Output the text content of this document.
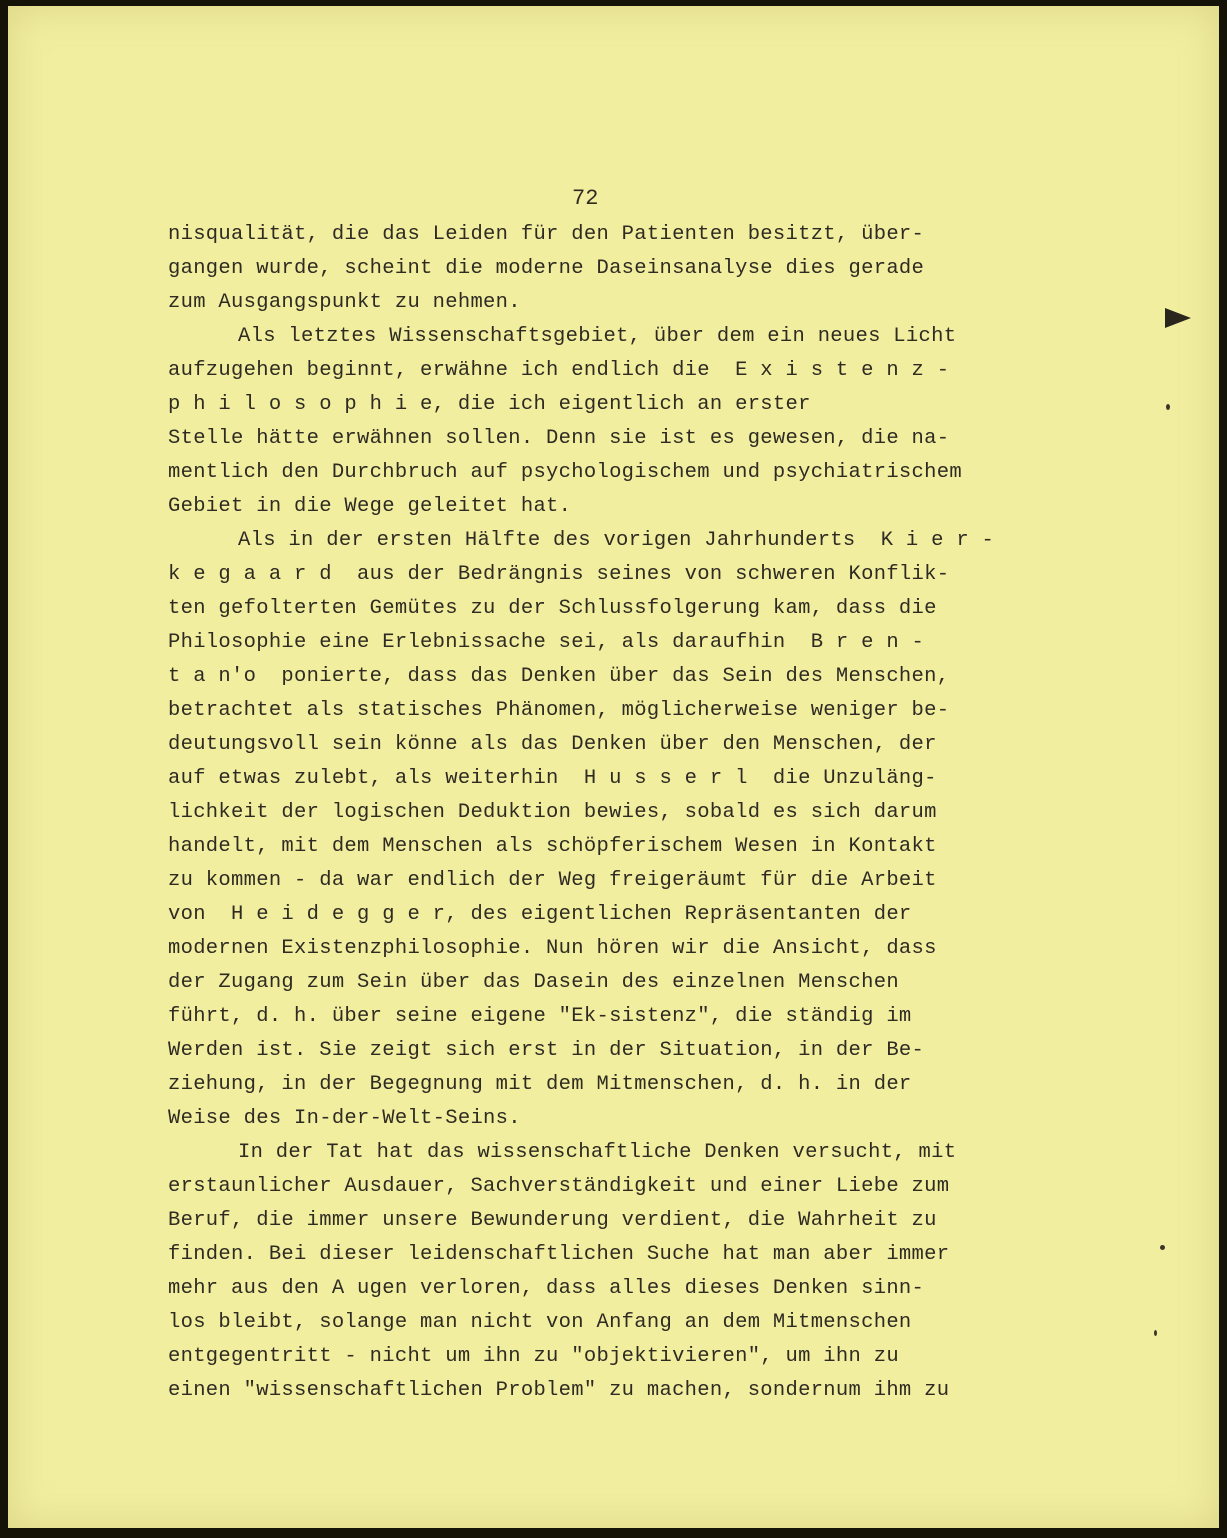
72
nisqualität, die das Leiden für den Patienten besitzt, über-
gangen wurde, scheint die moderne Daseinsanalyse dies gerade
zum Ausgangspunkt zu nehmen.
Als letztes Wissenschaftsgebiet, über dem ein neues Licht
aufzugehen beginnt, erwähne ich endlich die  E x i s t e n z -
p h i l o s o p h i e, die ich eigentlich an erster
Stelle hätte erwähnen sollen. Denn sie ist es gewesen, die na-
mentlich den Durchbruch auf psychologischem und psychiatrischem
Gebiet in die Wege geleitet hat.
Als in der ersten Hälfte des vorigen Jahrhunderts  K i e r -
k e g a a r d  aus der Bedrängnis seines von schweren Konflik-
ten gefolterten Gemütes zu der Schlussfolgerung kam, dass die
Philosophie eine Erlebnissache sei, als daraufhin  B r e n -
t a n'o  ponierte, dass das Denken über das Sein des Menschen,
betrachtet als statisches Phänomen, möglicherweise weniger be-
deutungsvoll sein könne als das Denken über den Menschen, der
auf etwas zulebt, als weiterhin  H u s s e r l  die Unzuläng-
lichkeit der logischen Deduktion bewies, sobald es sich darum
handelt, mit dem Menschen als schöpferischem Wesen in Kontakt
zu kommen - da war endlich der Weg freigeräumt für die Arbeit
von  H e i d e g g e r, des eigentlichen Repräsentanten der
modernen Existenzphilosophie. Nun hören wir die Ansicht, dass
der Zugang zum Sein über das Dasein des einzelnen Menschen
führt, d. h. über seine eigene "Ek-sistenz", die ständig im
Werden ist. Sie zeigt sich erst in der Situation, in der Be-
ziehung, in der Begegnung mit dem Mitmenschen, d. h. in der
Weise des In-der-Welt-Seins.
In der Tat hat das wissenschaftliche Denken versucht, mit
erstaunlicher Ausdauer, Sachverständigkeit und einer Liebe zum
Beruf, die immer unsere Bewunderung verdient, die Wahrheit zu
finden. Bei dieser leidenschaftlichen Suche hat man aber immer
mehr aus den A ugen verloren, dass alles dieses Denken sinn-
los bleibt, solange man nicht von Anfang an dem Mitmenschen
entgegentritt - nicht um ihn zu "objektivieren", um ihn zu
einen "wissenschaftlichen Problem" zu machen, sondernum ihm zu
